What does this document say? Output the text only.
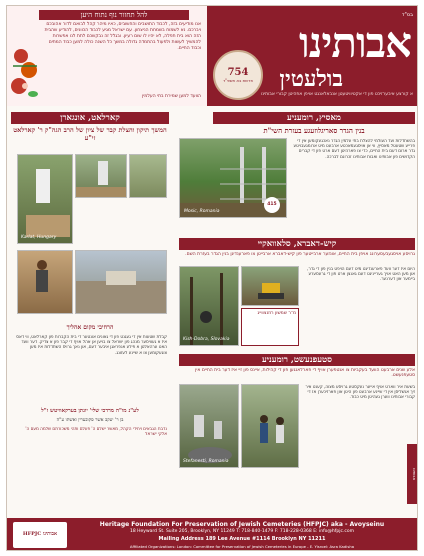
להל תחזור נוף נתוח היען
אנו מודיעים בזה, לכבוד התושבים והחשובים, כאיו מיהר קהל לבואם לדור אהובכם ויברכם. נא לשמוח בשמחת הניצחון. עם ישראל מגיע לכבוד הכוונים, להודיע שהבית הזה הוא בית תפלה, לא יהיו לו שום רעיון. ובגלל זה נבקשכם לתת לנו אפשרות להמשיך לעשות ולפעול בהתמדה גדולה במשך כל השנה כולה למען כבוד המתים וכבוד החיים.
הוועד למען שמירת בתי העלמין
בס"ד
אבותינו
בולעטין
א קורצע איבערזיכט פון די אקטיוויטעטן אנבאלאנגט אויפן אפהיטן קבורי אבותינו
754
פרשת בא תשפ"ד
מאסיץ, רומעניע
בנין הגדר סאריגלוזעגע בעזרת השי"ת
Mosic, Romania
415
בהשתדלות ועד העולמי להצלת בתי עלמין הגדר נאכגעקומען אין די פרייע שטעטל מאסיץ, ווי אן אויסגעמאכטע ארבעט מיט ארומגעבויטע גדר ארום דעם בית החיים, כדי צו פארהיטן דעם ארט פון די קברים הקדושים פון אבותינו ואבות אבותינו זכרונם לברכה.
קארלאט, אונגארן
המשך תיקון והצלת קבר של ציון של הרב הגה"ק ר' קארלאט זי"ע
Karlat, Hungary
הרחיבי מקום אהליך
קבלת שטעות אין די געגנט פון די גאונים אונטער די בית הקברות פון קארלאט, ווי דאס איז א געוויסער מנהג פון ישראל צו בויען אן אהל אויף די קבר פון א צדיק. דער וועד האט ערהאלטן א פילע אנפראגן איבער דעם, און נאך גרויס השתדלות איז מען צוגעקומען צו א שיינע לעזונג.
לע"נ מו"ה מרדכי שלי' יונתן בערקאוויטש ז"ל
בן ר' יעקב אשר סקובערין ואשתו ע"ה
נדבת הגבאים ויחידי הקהל, מאשר ישלם ה' פעלם ותהי משכורתם שלמה מעם ה' אלקי ישראל
קיש-דאברא, סלאוואקיי
גרויסע אויסגעבעסערונג אויפן בית החיים, אונזער ארבייטער פון קיש-דאברא ארבייטן צו פארענדיגן בנין הגדר בעזרת השם.
Kish-Dobra, Slovakia
מ"ר שמשון רוזנצווייג
היום איז דער וועד פארענדיגט מיט דעם הויפט בנין פון די גדר, און מען האט אויך גערייניגט דעם גאנצן ארט פון די גרעסערע ביימער און דערנער.
סטעפנעשט, רומעניע
אלע שנים ארבעט הוועד בעקביות צו אנטפערן אויף די פארלאנגען פון די קהילות, איינס פון זיי איז דער בית החיים אין סטעפנעשט.
Stefanesti, Romania
בשעת איר ווארט אויף אייער נעקסטע גרויסע מצוה, קענט איר זיך אנשליסן אין די שיינע ארבעט פון היטן און פארזיכערן אז די קבורי אבותינו ווערן געהיטן מיט כבוד.
אבותינו
HFPJC אבותינו
Heritage Foundation For Preservation of Jewish Cemeteries (HFPJC) aka - Avoyseinu
18 Heyward St. Suite 205, Brooklyn, NY 11249 T: 718-840-1479 F: 718-228-0368 E: info@hfpjc.com
Mailing Address 189 Lee Avenue #1114 Brooklyn NY 11211
Affiliated Organizations: London: Committee for Preservation of Jewish Cemeteries in Europe - E. Yisroel: Asra Kadisha
